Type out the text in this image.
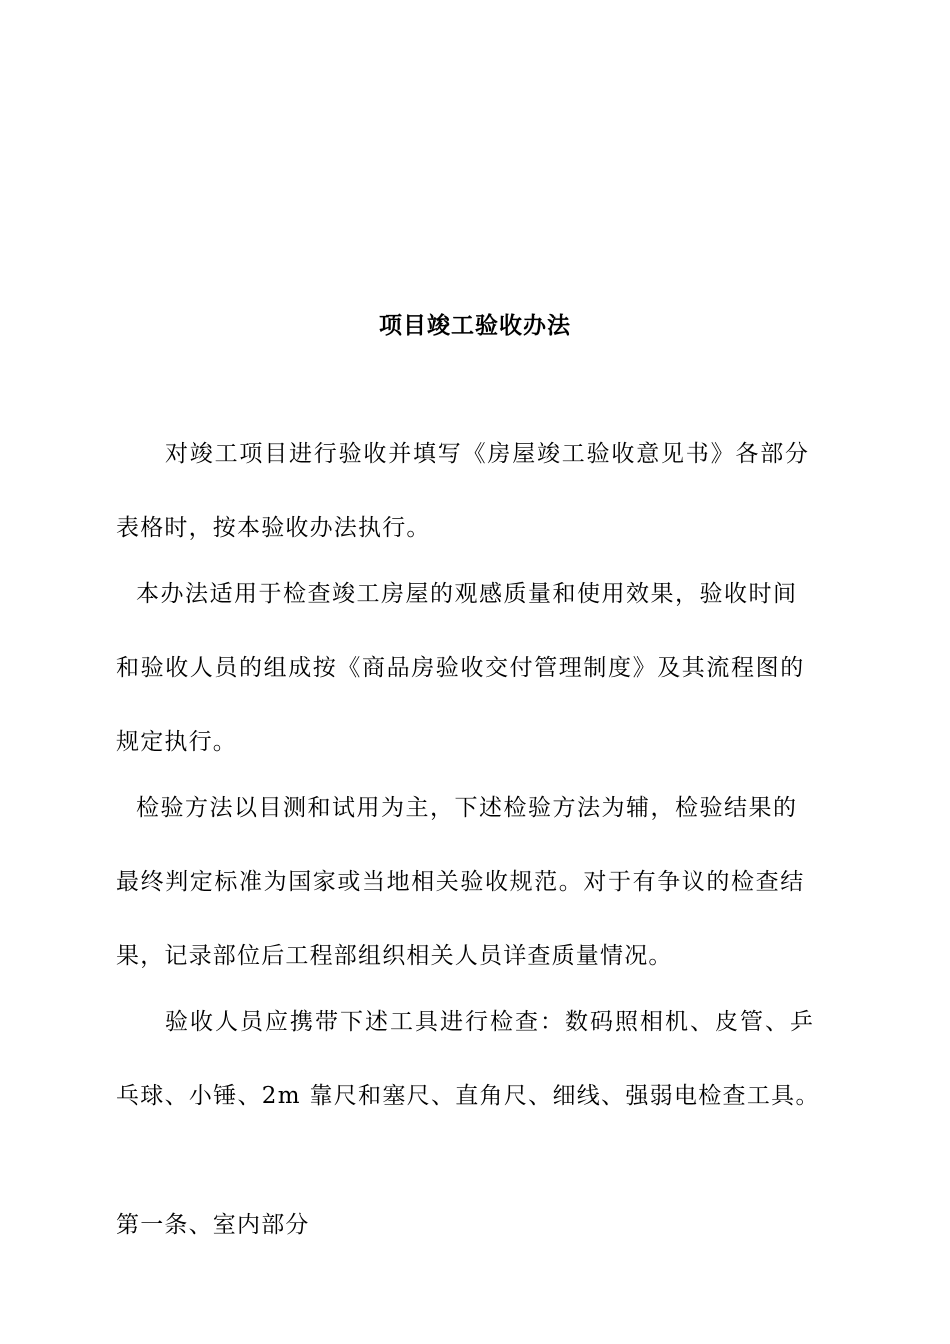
项目竣工验收办法
对竣工项目进行验收并填写《房屋竣工验收意见书》各部分
表格时，按本验收办法执行。
本办法适用于检查竣工房屋的观感质量和使用效果，验收时间
和验收人员的组成按《商品房验收交付管理制度》及其流程图的
规定执行。
检验方法以目测和试用为主，下述检验方法为辅，检验结果的
最终判定标准为国家或当地相关验收规范。对于有争议的检查结
果，记录部位后工程部组织相关人员详查质量情况。
验收人员应携带下述工具进行检查：数码照相机、皮管、乒
乓球、小锤、2m 靠尺和塞尺、直角尺、细线、强弱电检查工具。
第一条、室内部分
